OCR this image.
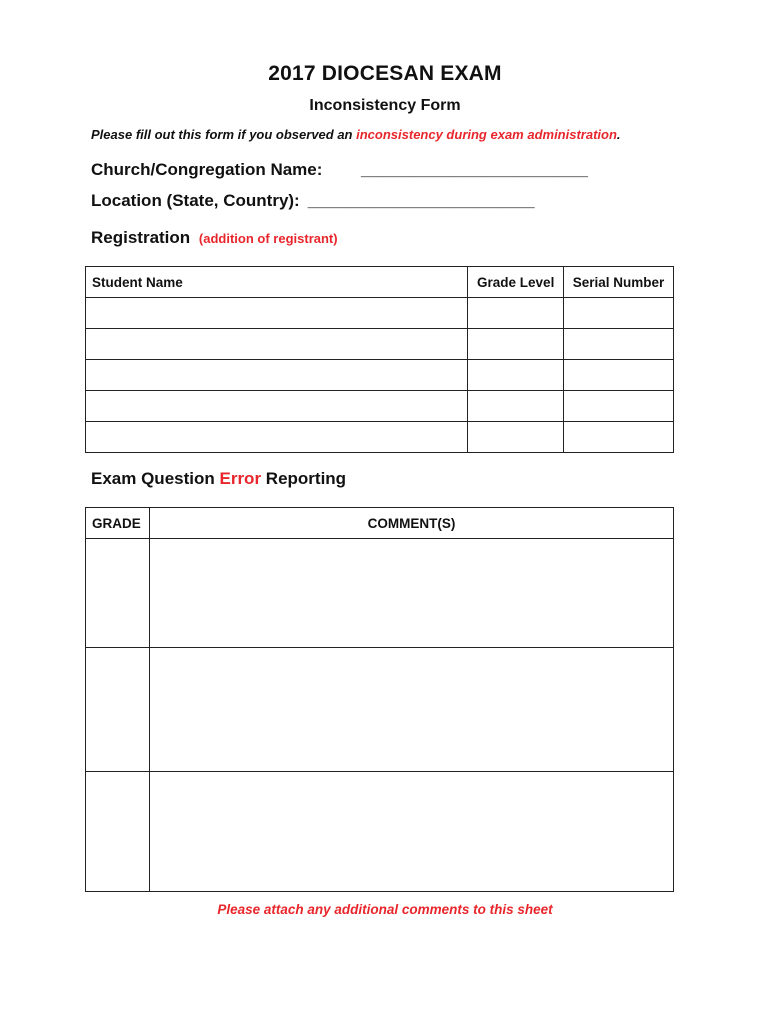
2017 DIOCESAN EXAM
Inconsistency Form
Please fill out this form if you observed an inconsistency during exam administration.
Church/Congregation Name: ________________________
Location (State, Country): ________________________
Registration (addition of registrant)
Student Name	Grade Level	Serial Number

Exam Question Error Reporting
GRADE	COMMENT(S)

Please attach any additional comments to this sheet
